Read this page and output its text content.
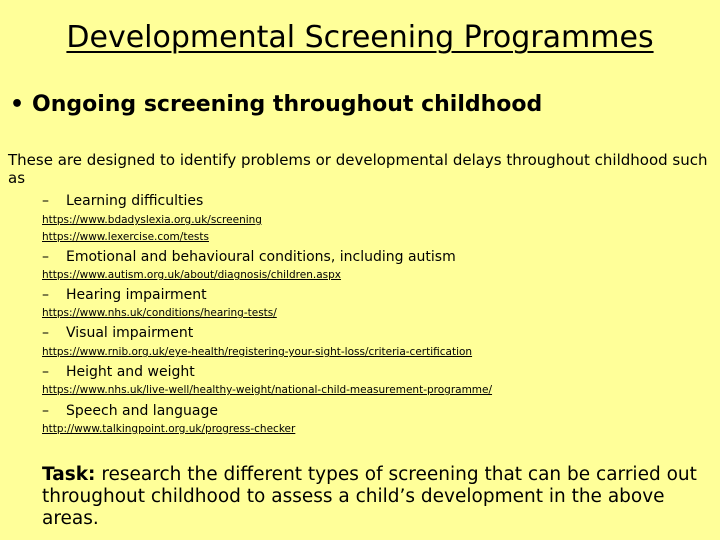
Developmental Screening Programmes
• Ongoing screening throughout childhood
These are designed to identify problems or developmental delays throughout childhood such as
– Learning difficulties
https://www.bdadyslexia.org.uk/screening
https://www.lexercise.com/tests
– Emotional and behavioural conditions, including autism
https://www.autism.org.uk/about/diagnosis/children.aspx
– Hearing impairment
https://www.nhs.uk/conditions/hearing-tests/
– Visual impairment
https://www.rnib.org.uk/eye-health/registering-your-sight-loss/criteria-certification
– Height and weight
https://www.nhs.uk/live-well/healthy-weight/national-child-measurement-programme/
– Speech and language
http://www.talkingpoint.org.uk/progress-checker
Task: research the different types of screening that can be carried out throughout childhood to assess a child’s development in the above areas.
